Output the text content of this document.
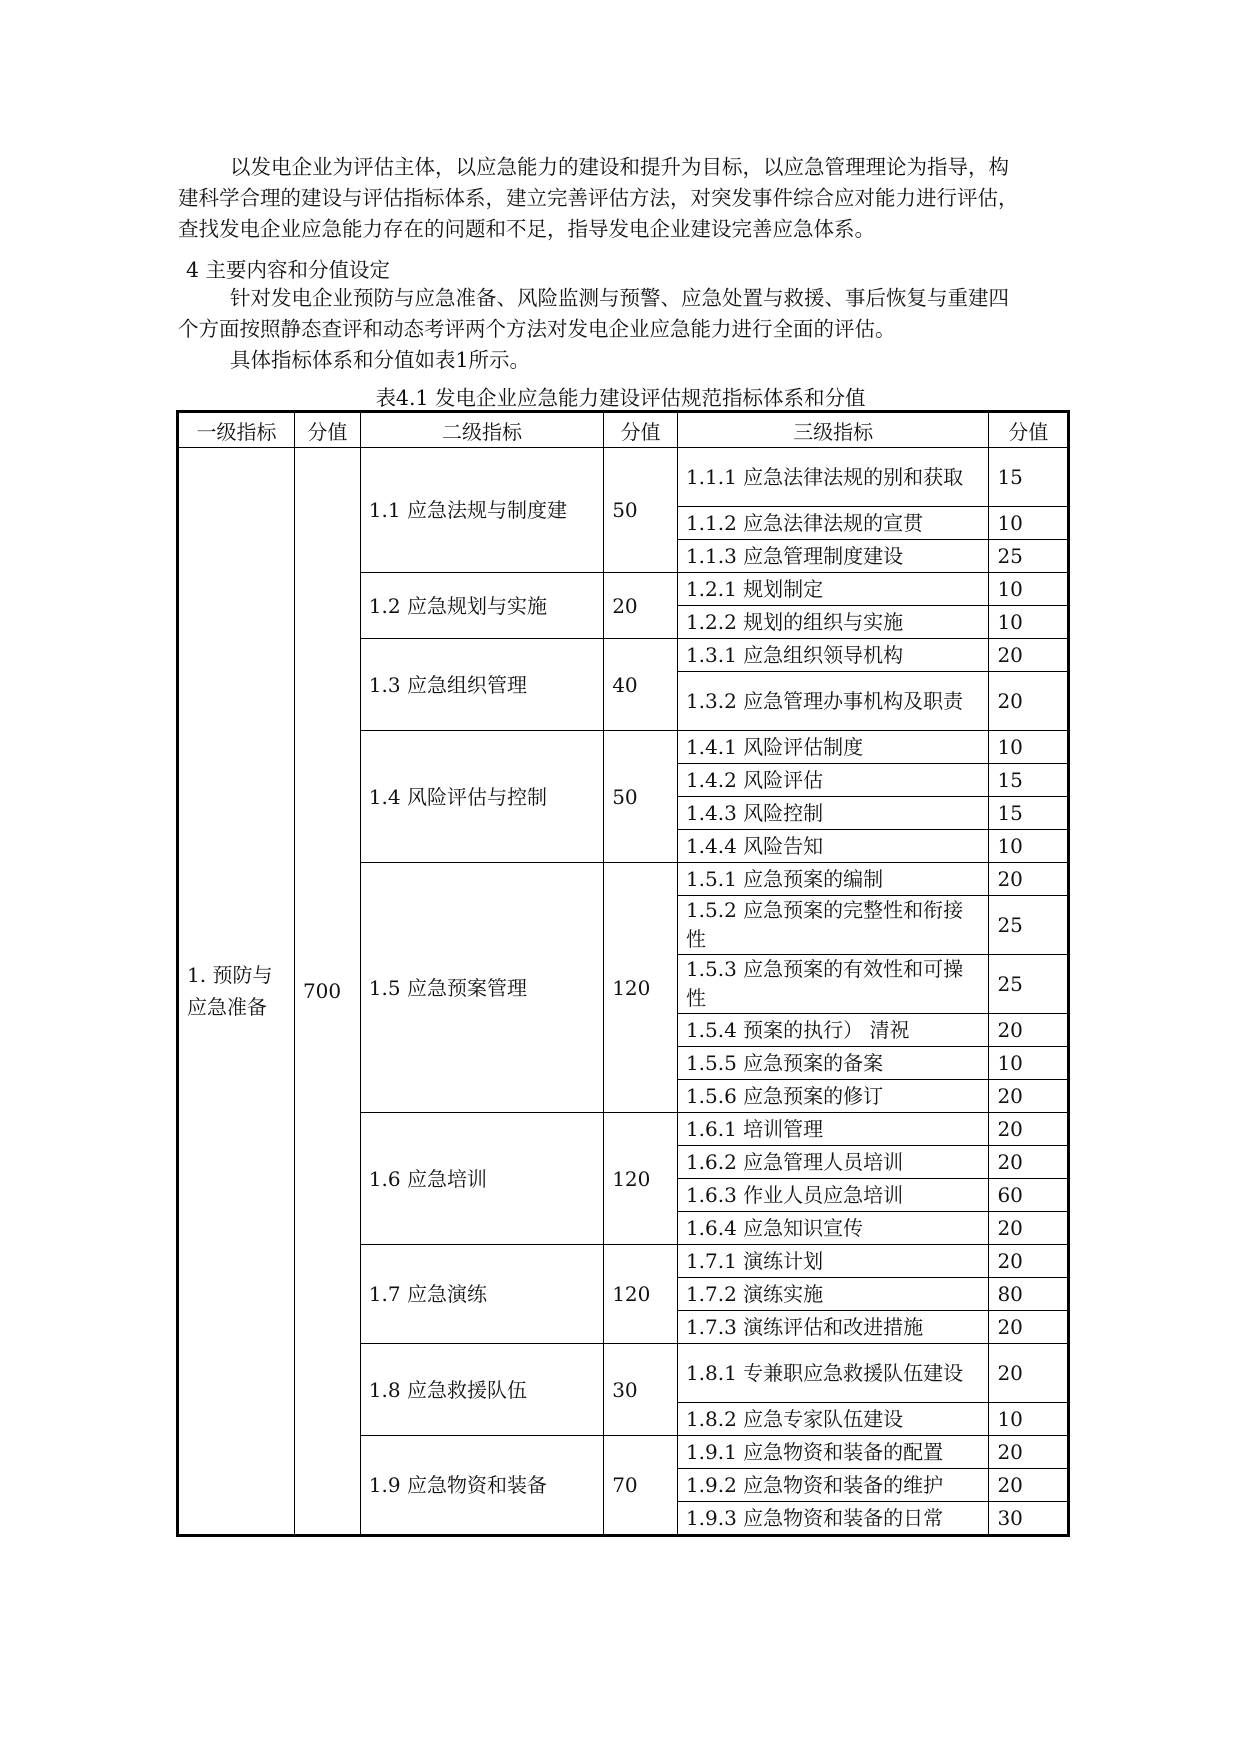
以发电企业为评估主体，以应急能力的建设和提升为目标，以应急管理理论为指导，构

建科学合理的建设与评估指标体系，建立完善评估方法，对突发事件综合应对能力进行评估，

查找发电企业应急能力存在的问题和不足，指导发电企业建设完善应急体系。

4 主要内容和分值设定

针对发电企业预防与应急准备、风险监测与预警、应急处置与救援、事后恢复与重建四

个方面按照静态查评和动态考评两个方法对发电企业应急能力进行全面的评估。

具体指标体系和分值如表1所示。

表4.1 发电企业应急能力建设评估规范指标体系和分值
一级指标	分值	二级指标	分值	三级指标	分值
1. 预防与应急准备	700	1.1 应急法规与制度建	50	1.1.1 应急法律法规的别和获取	15
				1.1.2 应急法律法规的宣贯	10
				1.1.3 应急管理制度建设	25
		1.2 应急规划与实施	20	1.2.1 规划制定	10
				1.2.2 规划的组织与实施	10
		1.3 应急组织管理	40	1.3.1 应急组织领导机构	20
				1.3.2 应急管理办事机构及职责	20
		1.4 风险评估与控制	50	1.4.1 风险评估制度	10
				1.4.2 风险评估	15
				1.4.3 风险控制	15
				1.4.4 风险告知	10
		1.5 应急预案管理	120	1.5.1 应急预案的编制	20
				1.5.2 应急预案的完整性和衔接性	25
				1.5.3 应急预案的有效性和可操性	25
				1.5.4 预案的执行） 清祝	20
				1.5.5 应急预案的备案	10
				1.5.6 应急预案的修订	20
		1.6 应急培训	120	1.6.1 培训管理	20
				1.6.2 应急管理人员培训	20
				1.6.3 作业人员应急培训	60
				1.6.4 应急知识宣传	20
		1.7 应急演练	120	1.7.1 演练计划	20
				1.7.2 演练实施	80
				1.7.3 演练评估和改进措施	20
		1.8 应急救援队伍	30	1.8.1 专兼职应急救援队伍建设	20
				1.8.2 应急专家队伍建设	10
		1.9 应急物资和装备	70	1.9.1 应急物资和装备的配置	20
				1.9.2 应急物资和装备的维护	20
				1.9.3 应急物资和装备的日常	30
